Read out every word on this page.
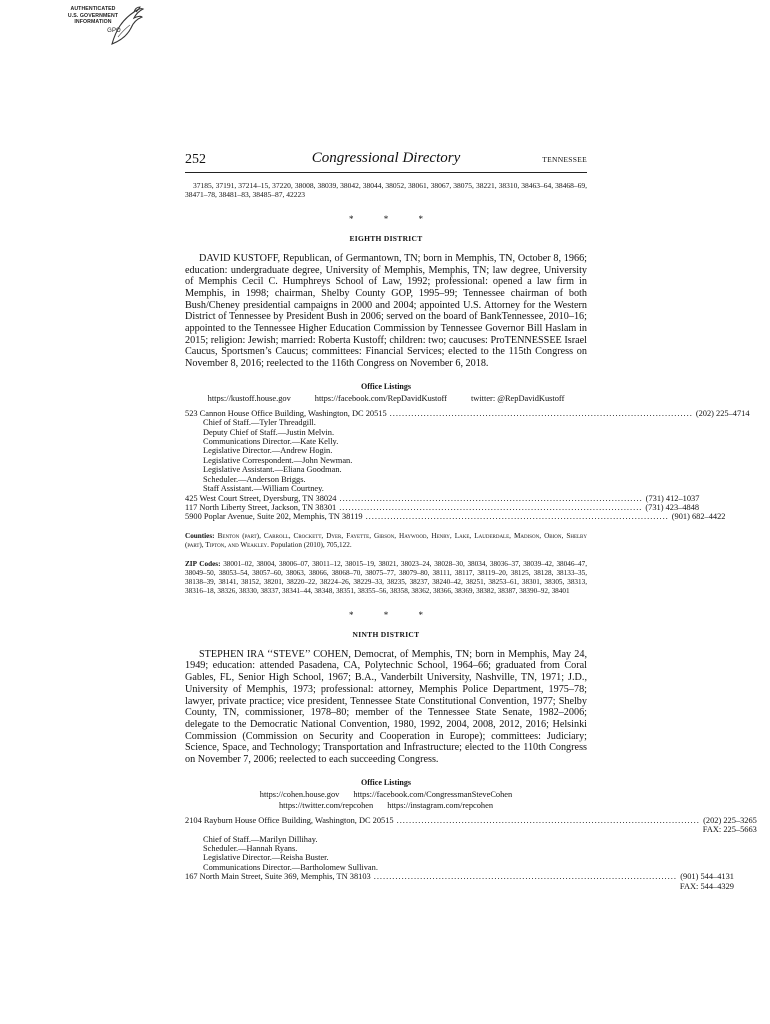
AUTHENTICATED
U.S. GOVERNMENT
INFORMATION
GPO
252	Congressional Directory	TENNESSEE
37185, 37191, 37214–15, 37220, 38008, 38039, 38042, 38044, 38052, 38061, 38067, 38075, 38221, 38310, 38463–64, 38468–69, 38471–78, 38481–83, 38485–87, 42223
* * *
EIGHTH DISTRICT

DAVID KUSTOFF, Republican, of Germantown, TN; born in Memphis, TN, October 8, 1966; education: undergraduate degree, University of Memphis, Memphis, TN; law degree, University of Memphis Cecil C. Humphreys School of Law, 1992; professional: opened a law firm in Memphis, in 1998; chairman, Shelby County GOP, 1995–99; Tennessee chairman of both Bush/Cheney presidential campaigns in 2000 and 2004; appointed U.S. Attorney for the Western District of Tennessee by President Bush in 2006; served on the board of BankTennessee, 2010–16; appointed to the Tennessee Higher Education Commission by Tennessee Governor Bill Haslam in 2015; religion: Jewish; married: Roberta Kustoff; children: two; caucuses: ProTENNESSEE Israel Caucus, Sportsmen’s Caucus; committees: Financial Services; elected to the 115th Congress on November 8, 2016; reelected to the 116th Congress on November 6, 2018.

Office Listings
https://kustoff.house.gov	https://facebook.com/RepDavidKustoff	twitter: @RepDavidKustoff
523 Cannon House Office Building, Washington, DC 20515 .................................................................................................. (202) 225–4714
Chief of Staff.—Tyler Threadgill.
Deputy Chief of Staff.—Justin Melvin.
Communications Director.—Kate Kelly.
Legislative Director.—Andrew Hogin.
Legislative Correspondent.—John Newman.
Legislative Assistant.—Eliana Goodman.
Scheduler.—Anderson Briggs.
Staff Assistant.—William Courtney.
425 West Court Street, Dyersburg, TN 38024 .................................................................................................. (731) 412–1037
117 North Liberty Street, Jackson, TN 38301 .................................................................................................. (731) 423–4848
5900 Poplar Avenue, Suite 202, Memphis, TN 38119 .................................................................................................. (901) 682–4422
Counties: Benton (part), Carroll, Crockett, Dyer, Fayette, Gibson, Haywood, Henry, Lake, Lauderdale, Madison, Obion, Shelby (part), Tipton, and Weakley. Population (2010), 705,122.
ZIP Codes: 38001–02, 38004, 38006–07, 38011–12, 38015–19, 38021, 38023–24, 38028–30, 38034, 38036–37, 38039–42, 38046–47, 38049–50, 38053–54, 38057–60, 38063, 38066, 38068–70, 38075–77, 38079–80, 38111, 38117, 38119–20, 38125, 38128, 38133–35, 38138–39, 38141, 38152, 38201, 38220–22, 38224–26, 38229–33, 38235, 38237, 38240–42, 38251, 38253–61, 38301, 38305, 38313, 38316–18, 38326, 38330, 38337, 38341–44, 38348, 38351, 38355–56, 38358, 38362, 38366, 38369, 38382, 38387, 38390–92, 38401
* * *
NINTH DISTRICT

STEPHEN IRA ‘‘STEVE’’ COHEN, Democrat, of Memphis, TN; born in Memphis, May 24, 1949; education: attended Pasadena, CA, Polytechnic School, 1964–66; graduated from Coral Gables, FL, Senior High School, 1967; B.A., Vanderbilt University, Nashville, TN, 1971; J.D., University of Memphis, 1973; professional: attorney, Memphis Police Department, 1975–78; lawyer, private practice; vice president, Tennessee State Constitutional Convention, 1977; Shelby County, TN, commissioner, 1978–80; member of the Tennessee State Senate, 1982–2006; delegate to the Democratic National Convention, 1980, 1992, 2004, 2008, 2012, 2016; Helsinki Commission (Commission on Security and Cooperation in Europe); committees: Judiciary; Science, Space, and Technology; Transportation and Infrastructure; elected to the 110th Congress on November 7, 2006; reelected to each succeeding Congress.

Office Listings
https://cohen.house.gov https://facebook.com/CongressmanSteveCohen
https://twitter.com/repcohen https://instagram.com/repcohen
2104 Rayburn House Office Building, Washington, DC 20515 .................................................................................................. (202) 225–3265
FAX: 225–5663
Chief of Staff.—Marilyn Dillihay.
Scheduler.—Hannah Ryans.
Legislative Director.—Reisha Buster.
Communications Director.—Bartholomew Sullivan.
167 North Main Street, Suite 369, Memphis, TN 38103 .................................................................................................. (901) 544–4131
FAX: 544–4329
